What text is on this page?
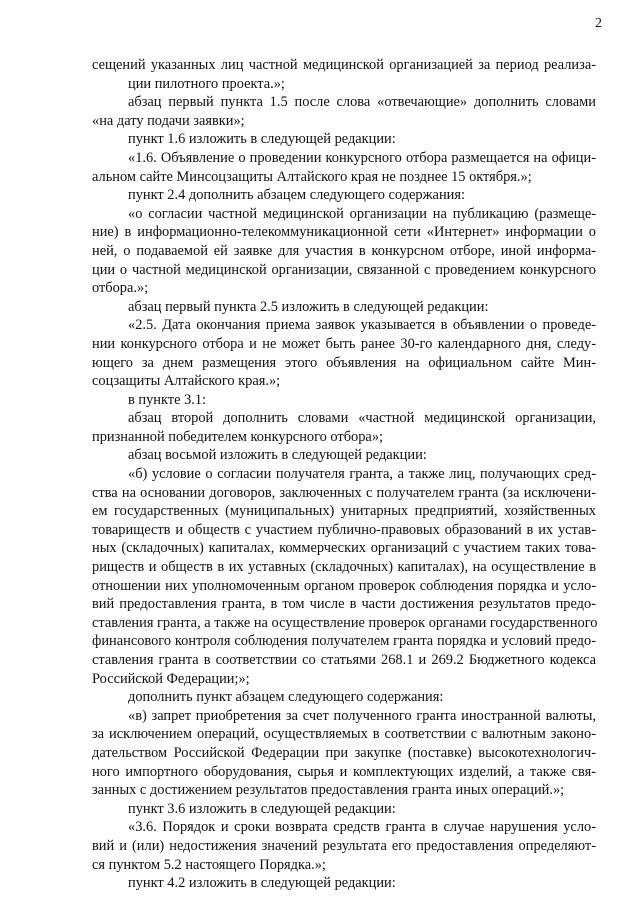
2
сещений указанных лиц частной медицинской организацией за период реализа-
ции пилотного проекта.»;
абзац первый пункта 1.5 после слова «отвечающие» дополнить словами
«на дату подачи заявки»;
пункт 1.6 изложить в следующей редакции:
«1.6. Объявление о проведении конкурсного отбора размещается на офици-
альном сайте Минсоцзащиты Алтайского края не позднее 15 октября.»;
пункт 2.4 дополнить абзацем следующего содержания:
«о согласии частной медицинской организации на публикацию (размеще-
ние) в информационно-телекоммуникационной сети «Интернет» информации о
ней, о подаваемой ей заявке для участия в конкурсном отборе, иной информа-
ции о частной медицинской организации, связанной с проведением конкурсного
отбора.»;
абзац первый пункта 2.5 изложить в следующей редакции:
«2.5. Дата окончания приема заявок указывается в объявлении о проведе-
нии конкурсного отбора и не может быть ранее 30-го календарного дня, следу-
ющего за днем размещения этого объявления на официальном сайте Мин-
соцзащиты Алтайского края.»;
в пункте 3.1:
абзац второй дополнить словами «частной медицинской организации,
признанной победителем конкурсного отбора»;
абзац восьмой изложить в следующей редакции:
«б) условие о согласии получателя гранта, а также лиц, получающих сред-
ства на основании договоров, заключенных с получателем гранта (за исключени-
ем государственных (муниципальных) унитарных предприятий, хозяйственных
товариществ и обществ с участием публично-правовых образований в их устав-
ных (складочных) капиталах, коммерческих организаций с участием таких това-
риществ и обществ в их уставных (складочных) капиталах), на осуществление в
отношении них уполномоченным органом проверок соблюдения порядка и усло-
вий предоставления гранта, в том числе в части достижения результатов предо-
ставления гранта, а также на осуществление проверок органами государственного
финансового контроля соблюдения получателем гранта порядка и условий предо-
ставления гранта в соответствии со статьями 268.1 и 269.2 Бюджетного кодекса
Российской Федерации;»;
дополнить пункт абзацем следующего содержания:
«в) запрет приобретения за счет полученного гранта иностранной валюты,
за исключением операций, осуществляемых в соответствии с валютным законо-
дательством Российской Федерации при закупке (поставке) высокотехнологич-
ного импортного оборудования, сырья и комплектующих изделий, а также свя-
занных с достижением результатов предоставления гранта иных операций.»;
пункт 3.6 изложить в следующей редакции:
«3.6. Порядок и сроки возврата средств гранта в случае нарушения усло-
вий и (или) недостижения значений результата его предоставления определяют-
ся пунктом 5.2 настоящего Порядка.»;
пункт 4.2 изложить в следующей редакции:
